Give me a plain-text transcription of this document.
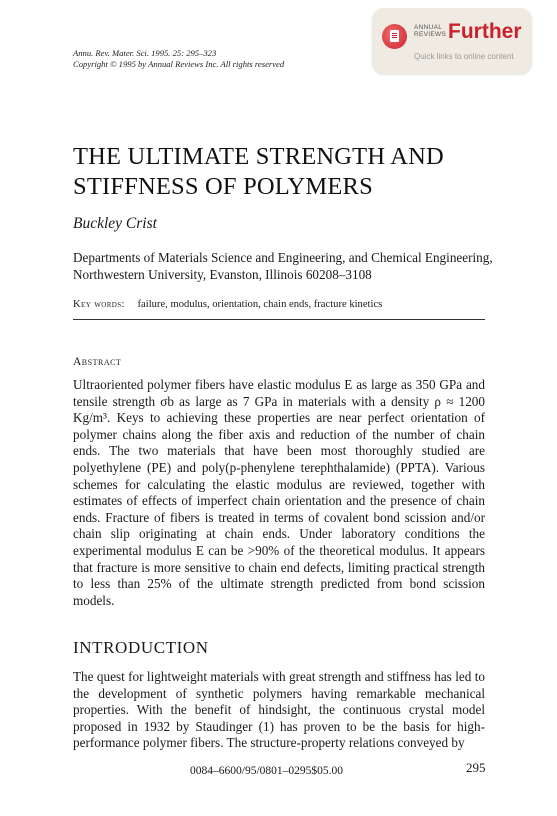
Annu. Rev. Mater. Sci. 1995. 25: 295–323
Copyright © 1995 by Annual Reviews Inc. All rights reserved
ANNUAL
REVIEWS Further
Quick links to online content
THE ULTIMATE STRENGTH AND
STIFFNESS OF POLYMERS
Buckley Crist
Departments of Materials Science and Engineering, and Chemical Engineering, Northwestern University, Evanston, Illinois 60208–3108
Key words: failure, modulus, orientation, chain ends, fracture kinetics
Abstract

Ultraoriented polymer fibers have elastic modulus E as large as 350 GPa and tensile strength σb as large as 7 GPa in materials with a density ρ ≈ 1200 Kg/m³. Keys to achieving these properties are near perfect orientation of polymer chains along the fiber axis and reduction of the number of chain ends. The two materials that have been most thoroughly studied are polyethylene (PE) and poly(p-phenylene terephthalamide) (PPTA). Various schemes for calculating the elastic modulus are reviewed, together with estimates of effects of imperfect chain orientation and the presence of chain ends. Fracture of fibers is treated in terms of covalent bond scission and/or chain slip originating at chain ends. Under laboratory conditions the experimental modulus E can be >90% of the theoretical modulus. It appears that fracture is more sensitive to chain end defects, limiting practical strength to less than 25% of the ultimate strength predicted from bond scission models.

INTRODUCTION

The quest for lightweight materials with great strength and stiffness has led to the development of synthetic polymers having remarkable mechanical properties. With the benefit of hindsight, the continuous crystal model proposed in 1932 by Staudinger (1) has proven to be the basis for high-performance polymer fibers. The structure-property relations conveyed by

0084–6600/95/0801–0295$05.00	295
